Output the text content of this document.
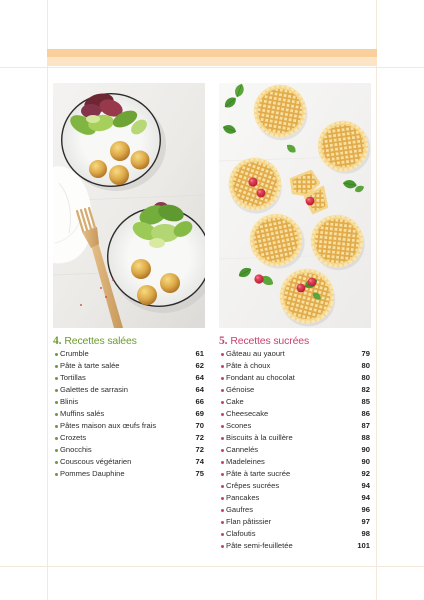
4. Recettes salées
Crumble	61
Pâte à tarte salée	62
Tortillas	64
Galettes de sarrasin	64
Blinis	66
Muffins salés	69
Pâtes maison aux œufs frais	70
Crozets	72
Gnocchis	72
Couscous végétarien	74
Pommes Dauphine	75
5. Recettes sucrées
Gâteau au yaourt	79
Pâte à choux	80
Fondant au chocolat	80
Génoise	82
Cake	85
Cheesecake	86
Scones	87
Biscuits à la cuillère	88
Cannelés	90
Madeleines	90
Pâte à tarte sucrée	92
Crêpes sucrées	94
Pancakes	94
Gaufres	96
Flan pâtissier	97
Clafoutis	98
Pâte semi-feuilletée	101
